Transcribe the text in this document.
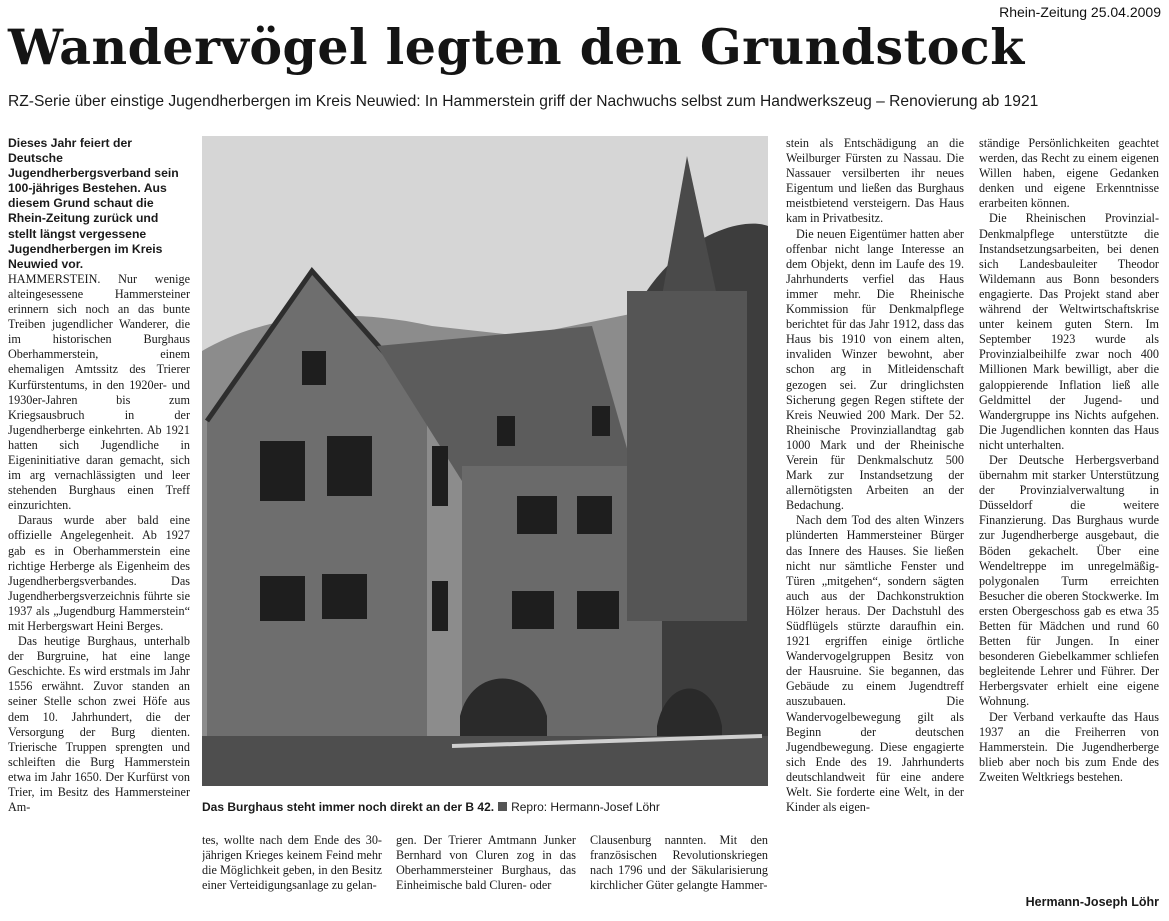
Rhein-Zeitung 25.04.2009
Wandervögel legten den Grundstock
RZ-Serie über einstige Jugendherbergen im Kreis Neuwied: In Hammerstein griff der Nachwuchs selbst zum Handwerkszeug – Renovierung ab 1921

Dieses Jahr feiert der Deutsche Jugendherbergsverband sein 100-jähriges Bestehen. Aus diesem Grund schaut die Rhein-Zeitung zurück und stellt längst vergessene Jugendherbergen im Kreis Neuwied vor.

HAMMERSTEIN. Nur wenige alteingesessene Hammersteiner erinnern sich noch an das bunte Treiben jugendlicher Wanderer, die im historischen Burghaus Oberhammerstein, einem ehemaligen Amtssitz des Trierer Kurfürstentums, in den 1920er- und 1930er-Jahren bis zum Kriegsausbruch in der Jugendherberge einkehrten. Ab 1921 hatten sich Jugendliche in Eigeninitiative daran gemacht, sich im arg vernachlässigten und leer stehenden Burghaus einen Treff einzurichten.

Daraus wurde aber bald eine offizielle Angelegenheit. Ab 1927 gab es in Oberhammerstein eine richtige Herberge als Eigenheim des Jugendherbergsverbandes. Das Jugendherbergsverzeichnis führte sie 1937 als „Jugendburg Hammerstein“ mit Herbergswart Heini Berges.

Das heutige Burghaus, unterhalb der Burgruine, hat eine lange Geschichte. Es wird erstmals im Jahr 1556 erwähnt. Zuvor standen an seiner Stelle schon zwei Höfe aus dem 10. Jahrhundert, die der Versorgung der Burg dienten. Trierische Truppen sprengten und schleiften die Burg Hammerstein etwa im Jahr 1650. Der Kurfürst von Trier, im Besitz des Hammersteiner Am-	Das Burghaus steht immer noch direkt an der B 42. Repro: Hermann-Josef Löhr

tes, wollte nach dem Ende des 30-jährigen Krieges keinem Feind mehr die Möglichkeit geben, in den Besitz einer Verteidigungsanlage zu gelan-

gen. Der Trierer Amtmann Junker Bernhard von Cluren zog in das Oberhammersteiner Burghaus, das Einheimische bald Cluren- oder

Clausenburg nannten. Mit den französischen Revolutionskriegen nach 1796 und der Säkularisierung kirchlicher Güter gelangte Hammer-

stein als Entschädigung an die Weilburger Fürsten zu Nassau. Die Nassauer versilberten ihr neues Eigentum und ließen das Burghaus meistbietend versteigern. Das Haus kam in Privatbesitz.

Die neuen Eigentümer hatten aber offenbar nicht lange Interesse an dem Objekt, denn im Laufe des 19. Jahrhunderts verfiel das Haus immer mehr. Die Rheinische Kommission für Denkmalpflege berichtet für das Jahr 1912, dass das Haus bis 1910 von einem alten, invaliden Winzer bewohnt, aber schon arg in Mitleidenschaft gezogen sei. Zur dringlichsten Sicherung gegen Regen stiftete der Kreis Neuwied 200 Mark. Der 52. Rheinische Provinziallandtag gab 1000 Mark und der Rheinische Verein für Denkmalschutz 500 Mark zur Instandsetzung der allernötigsten Arbeiten an der Bedachung.

Nach dem Tod des alten Winzers plünderten Hammersteiner Bürger das Innere des Hauses. Sie ließen nicht nur sämtliche Fenster und Türen „mitgehen“, sondern sägten auch aus der Dachkonstruktion Hölzer heraus. Der Dachstuhl des Südflügels stürzte daraufhin ein. 1921 ergriffen einige örtliche Wandervogelgruppen Besitz von der Hausruine. Sie begannen, das Gebäude zu einem Jugendtreff auszubauen. Die Wandervogelbewegung gilt als Beginn der deutschen Jugendbewegung. Diese engagierte sich Ende des 19. Jahrhunderts deutschlandweit für eine andere Welt. Sie forderte eine Welt, in der Kinder als eigen-

ständige Persönlichkeiten geachtet werden, das Recht zu einem eigenen Willen haben, eigene Gedanken denken und eigene Erkenntnisse erarbeiten können.

Die Rheinischen Provinzial-Denkmalpflege unterstützte die Instandsetzungsarbeiten, bei denen sich Landesbauleiter Theodor Wildemann aus Bonn besonders engagierte. Das Projekt stand aber während der Weltwirtschaftskrise unter keinem guten Stern. Im September 1923 wurde als Provinzialbeihilfe zwar noch 400 Millionen Mark bewilligt, aber die galoppierende Inflation ließ alle Geldmittel der Jugend- und Wandergruppe ins Nichts aufgehen. Die Jugendlichen konnten das Haus nicht unterhalten.

Der Deutsche Herbergsverband übernahm mit starker Unterstützung der Provinzialverwaltung in Düsseldorf die weitere Finanzierung. Das Burghaus wurde zur Jugendherberge ausgebaut, die Böden gekachelt. Über eine Wendeltreppe im unregelmäßig-polygonalen Turm erreichten Besucher die oberen Stockwerke. Im ersten Obergeschoss gab es etwa 35 Betten für Mädchen und rund 60 Betten für Jungen. In einer besonderen Giebelkammer schliefen begleitende Lehrer und Führer. Der Herbergsvater erhielt eine eigene Wohnung.

Der Verband verkaufte das Haus 1937 an die Freiherren von Hammerstein. Die Jugendherberge blieb aber noch bis zum Ende des Zweiten Weltkriegs bestehen.

Hermann-Joseph Löhr
